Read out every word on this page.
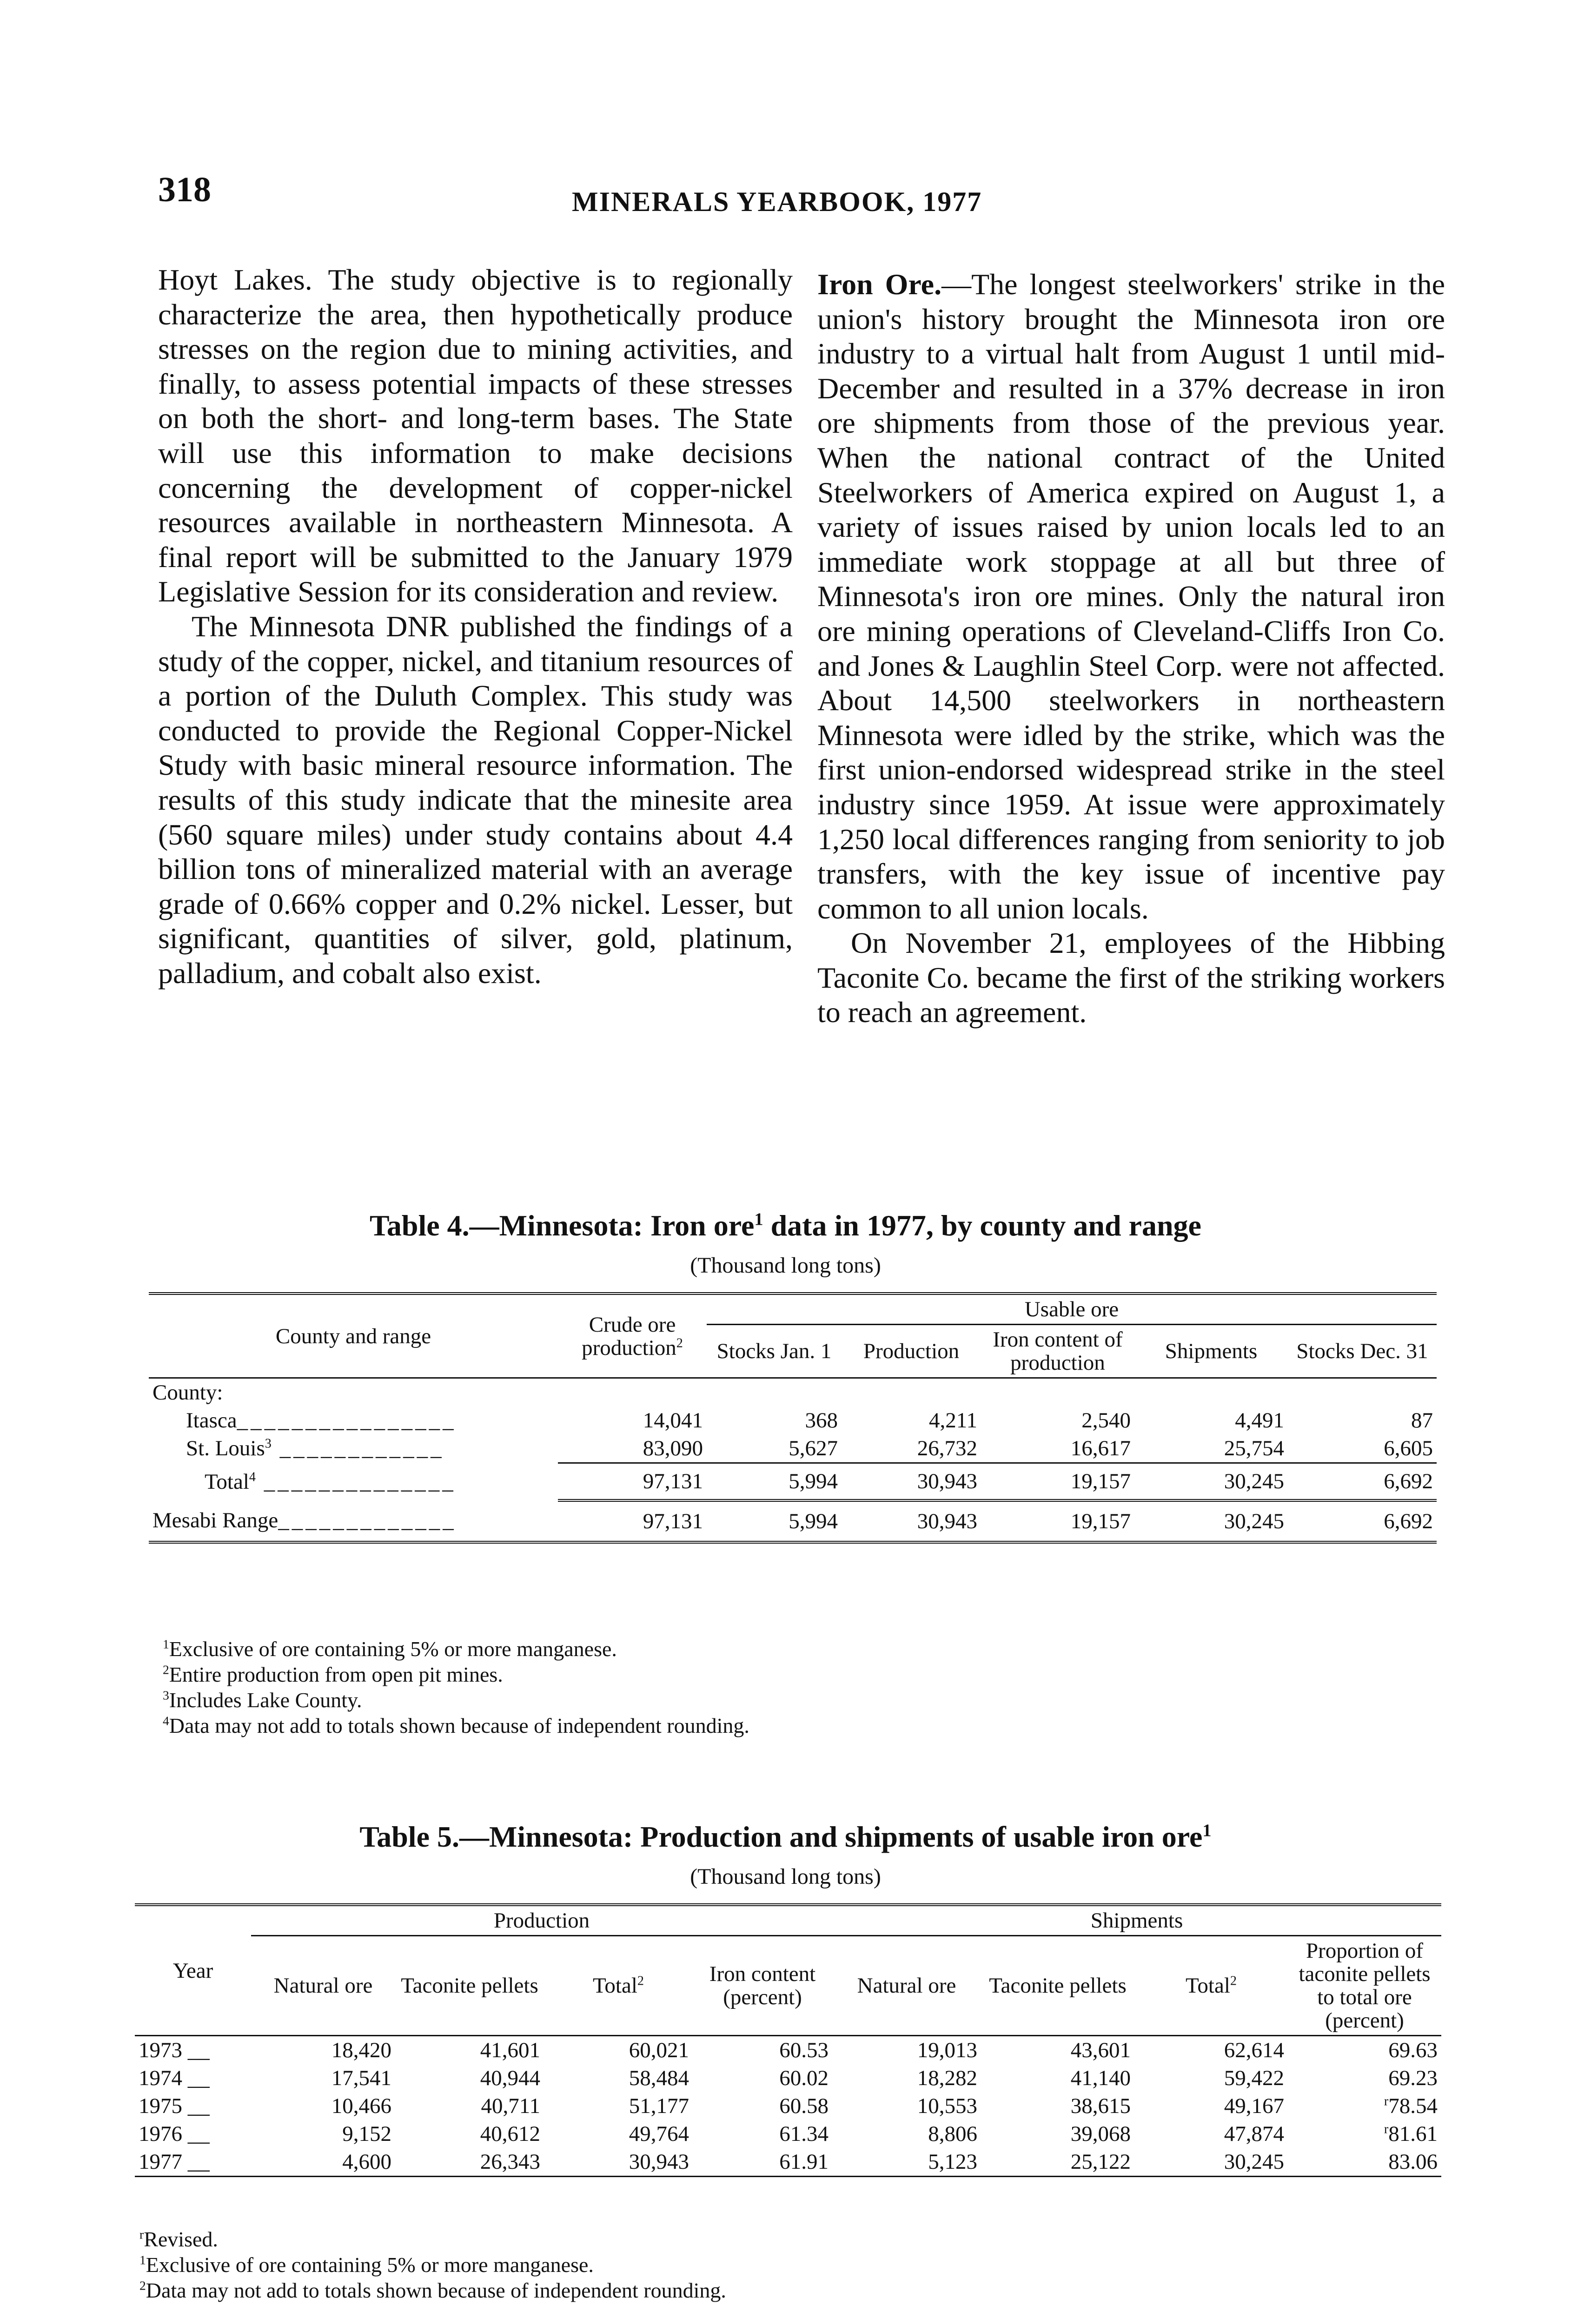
318	MINERALS YEARBOOK, 1977

Hoyt Lakes. The study objective is to regionally characterize the area, then hypothetically produce stresses on the region due to mining activities, and finally, to assess potential impacts of these stresses on both the short- and long-term bases. The State will use this information to make decisions concerning the development of copper-nickel resources available in northeastern Minnesota. A final report will be submitted to the January 1979 Legislative Session for its consideration and review.

The Minnesota DNR published the findings of a study of the copper, nickel, and titanium resources of a portion of the Duluth Complex. This study was conducted to provide the Regional Copper-Nickel Study with basic mineral resource information. The results of this study indicate that the minesite area (560 square miles) under study contains about 4.4 billion tons of mineralized material with an average grade of 0.66% copper and 0.2% nickel. Lesser, but significant, quantities of silver, gold, platinum, palladium, and cobalt also exist.

Iron Ore.—The longest steelworkers' strike in the union's history brought the Minnesota iron ore industry to a virtual halt from August 1 until mid-December and resulted in a 37% decrease in iron ore shipments from those of the previous year. When the national contract of the United Steelworkers of America expired on August 1, a variety of issues raised by union locals led to an immediate work stoppage at all but three of Minnesota's iron ore mines. Only the natural iron ore mining operations of Cleveland-Cliffs Iron Co. and Jones & Laughlin Steel Corp. were not affected. About 14,500 steelworkers in northeastern Minnesota were idled by the strike, which was the first union-endorsed widespread strike in the steel industry since 1959. At issue were approximately 1,250 local differences ranging from seniority to job transfers, with the key issue of incentive pay common to all union locals.

On November 21, employees of the Hibbing Taconite Co. became the first of the striking workers to reach an agreement.

Table 4.—Minnesota: Iron ore$^1$ data in 1977, by county and range
(Thousand long tons)
County and range	Crude ore production$^2$	Usable ore				
		Stocks Jan. 1	Production	Iron content of production	Shipments	Stocks Dec. 31
County:						
Itasca________________	14,041	368	4,211	2,540	4,491	87
St. Louis$^3$ ____________	83,090	5,627	26,732	16,617	25,754	6,605
Total$^4$ ______________	97,131	5,994	30,943	19,157	30,245	6,692
Mesabi Range_____________	97,131	5,994	30,943	19,157	30,245	6,692
$^1$Exclusive of ore containing 5% or more manganese.
$^2$Entire production from open pit mines.
$^3$Includes Lake County.
$^4$Data may not add to totals shown because of independent rounding.
Table 5.—Minnesota: Production and shipments of usable iron ore$^1$
(Thousand long tons)
Year	Production				Shipments			
	Natural ore	Taconite pellets	Total$^2$	Iron content (percent)	Natural ore	Taconite pellets	Total$^2$	Proportion of taconite pellets to total ore (percent)
1973 __	18,420	41,601	60,021	60.53	19,013	43,601	62,614	69.63
1974 __	17,541	40,944	58,484	60.02	18,282	41,140	59,422	69.23
1975 __	10,466	40,711	51,177	60.58	10,553	38,615	49,167	$^r$78.54
1976 __	9,152	40,612	49,764	61.34	8,806	39,068	47,874	$^r$81.61
1977 __	4,600	26,343	30,943	61.91	5,123	25,122	30,245	83.06
$^r$Revised.
$^1$Exclusive of ore containing 5% or more manganese.
$^2$Data may not add to totals shown because of independent rounding.
